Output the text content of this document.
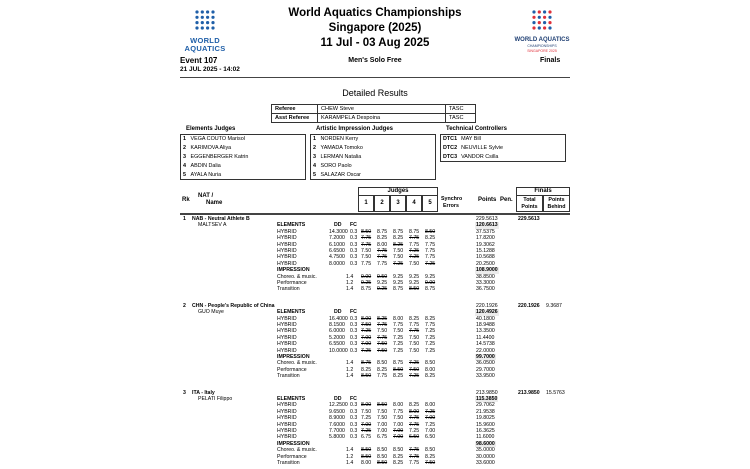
WORLD
AQUATICS
World Aquatics Championships
Singapore (2025)
11 Jul - 03 Aug 2025	WORLD AQUATICS
CHAMPIONSHIPS
SINGAPORE 2025
Event 107
21 JUL 2025 - 14:02
Men's Solo Free	Finals
Detailed Results
Referee	CHEW Steve	TASC
Asst Referee	KARAMPELA Despoina	TASC
Elements Judges	Artistic Impression Judges	Technical Controllers
1	VEGA COUTO Marisol
2	KARIMOVA Aliya
3	EGGENBERGER Katrin
4	ABDIN Dalia
5	AYALA Nuria
1	NORDEN Kerry
2	YAMADA Tomoko
3	LERMAN Natalia
4	SORO Paolo
5	SALAZAR Oscar
DTC1	MAY Bill
DTC2	NEUVILLE Sylvie
DTC3	VANDOR Csilla
Rk
NAT /
Name
Judges
1	2	3	4	5
Synchro
Errors
Points Pen.
Finals
Total
Points
Points
Behind
1 NAB - Neutral Athlete B	229.5613	229.5613
MALTSEV A	ELEMENTS	DD FC	120.6613
HYBRID	14.3000 0.3 8.50 8.75 8.75 8.75 8.50	37.5375
HYBRID	7.2000 0.3 7.75 8.25 8.25 7.75 8.25	17.8200
HYBRID	6.1000 0.3 7.75 8.00 8.25 7.75 7.75	19.3062
HYBRID	6.6500 0.3 7.50 7.75 7.50 7.25 7.75	15.1288
HYBRID	4.7500 0.3 7.50 7.75 7.50 7.25 7.75	10.5688
HYBRID	8.0000 0.3 7.75 7.75 7.25 7.50 7.25	20.2500
IMPRESSION	108.9000
Choreo. & music.	1.4 9.00 9.50 9.25 9.25 9.25	38.8500
Performance	1.2 9.25 9.25 9.25 9.25 9.00	33.3000
Transition	1.4 8.75 9.25 8.75 8.50 8.75	36.7500
2 CHN - People's Republic of China	220.1926	220.1926 9.3687
GUO Muye	ELEMENTS	DD FC	120.4926
HYBRID	16.4000 0.3 8.00 8.25 8.00 8.25 8.25	40.1800
HYBRID	8.1500 0.3 7.50 7.75 7.75 7.75 7.75	18.9488
HYBRID	6.0000 0.3 7.25 7.50 7.50 7.75 7.25	13.3500
HYBRID	5.2000 0.3 7.00 7.75 7.25 7.50 7.25	11.4400
HYBRID	6.5500 0.3 7.00 7.50 7.25 7.50 7.25	14.5738
HYBRID	10.0000 0.3 7.25 7.50 7.25 7.50 7.25	22.0000
IMPRESSION	99.7000
Choreo. & music.	1.4 8.75 8.50 8.75 7.25 8.50	36.0500
Performance	1.2 8.25 8.25 8.50 7.50 8.00	29.7000
Transition	1.4 8.50 7.75 8.25 7.25 8.25	33.9500
3 ITA - Italy	213.9850	213.9850 15.5763
PELATI Filippo	ELEMENTS	DD FC	115.3850
HYBRID	12.2500 0.3 8.00 8.50 8.00 8.25 8.00	29.7062
HYBRID	9.6500 0.3 7.50 7.50 7.75 8.00 7.25	21.9538
HYBRID	8.9000 0.3 7.25 7.50 7.50 7.75 7.00	19.8025
HYBRID	7.6000 0.3 7.00 7.00 7.00 7.75 7.25	15.9600
HYBRID	7.7000 0.3 7.25 7.00 7.00 7.25 7.00	16.3625
HYBRID	5.8000 0.3 6.75 6.75 7.00 6.50 6.50	11.6000
IMPRESSION	98.6000
Choreo. & music.	1.4 8.50 8.50 8.50 7.75 8.50	35.0000
Performance	1.2 8.50 8.50 8.25 7.75 8.25	30.0000
Transition	1.4 8.00 8.50 8.25 7.75 7.50	33.6000
